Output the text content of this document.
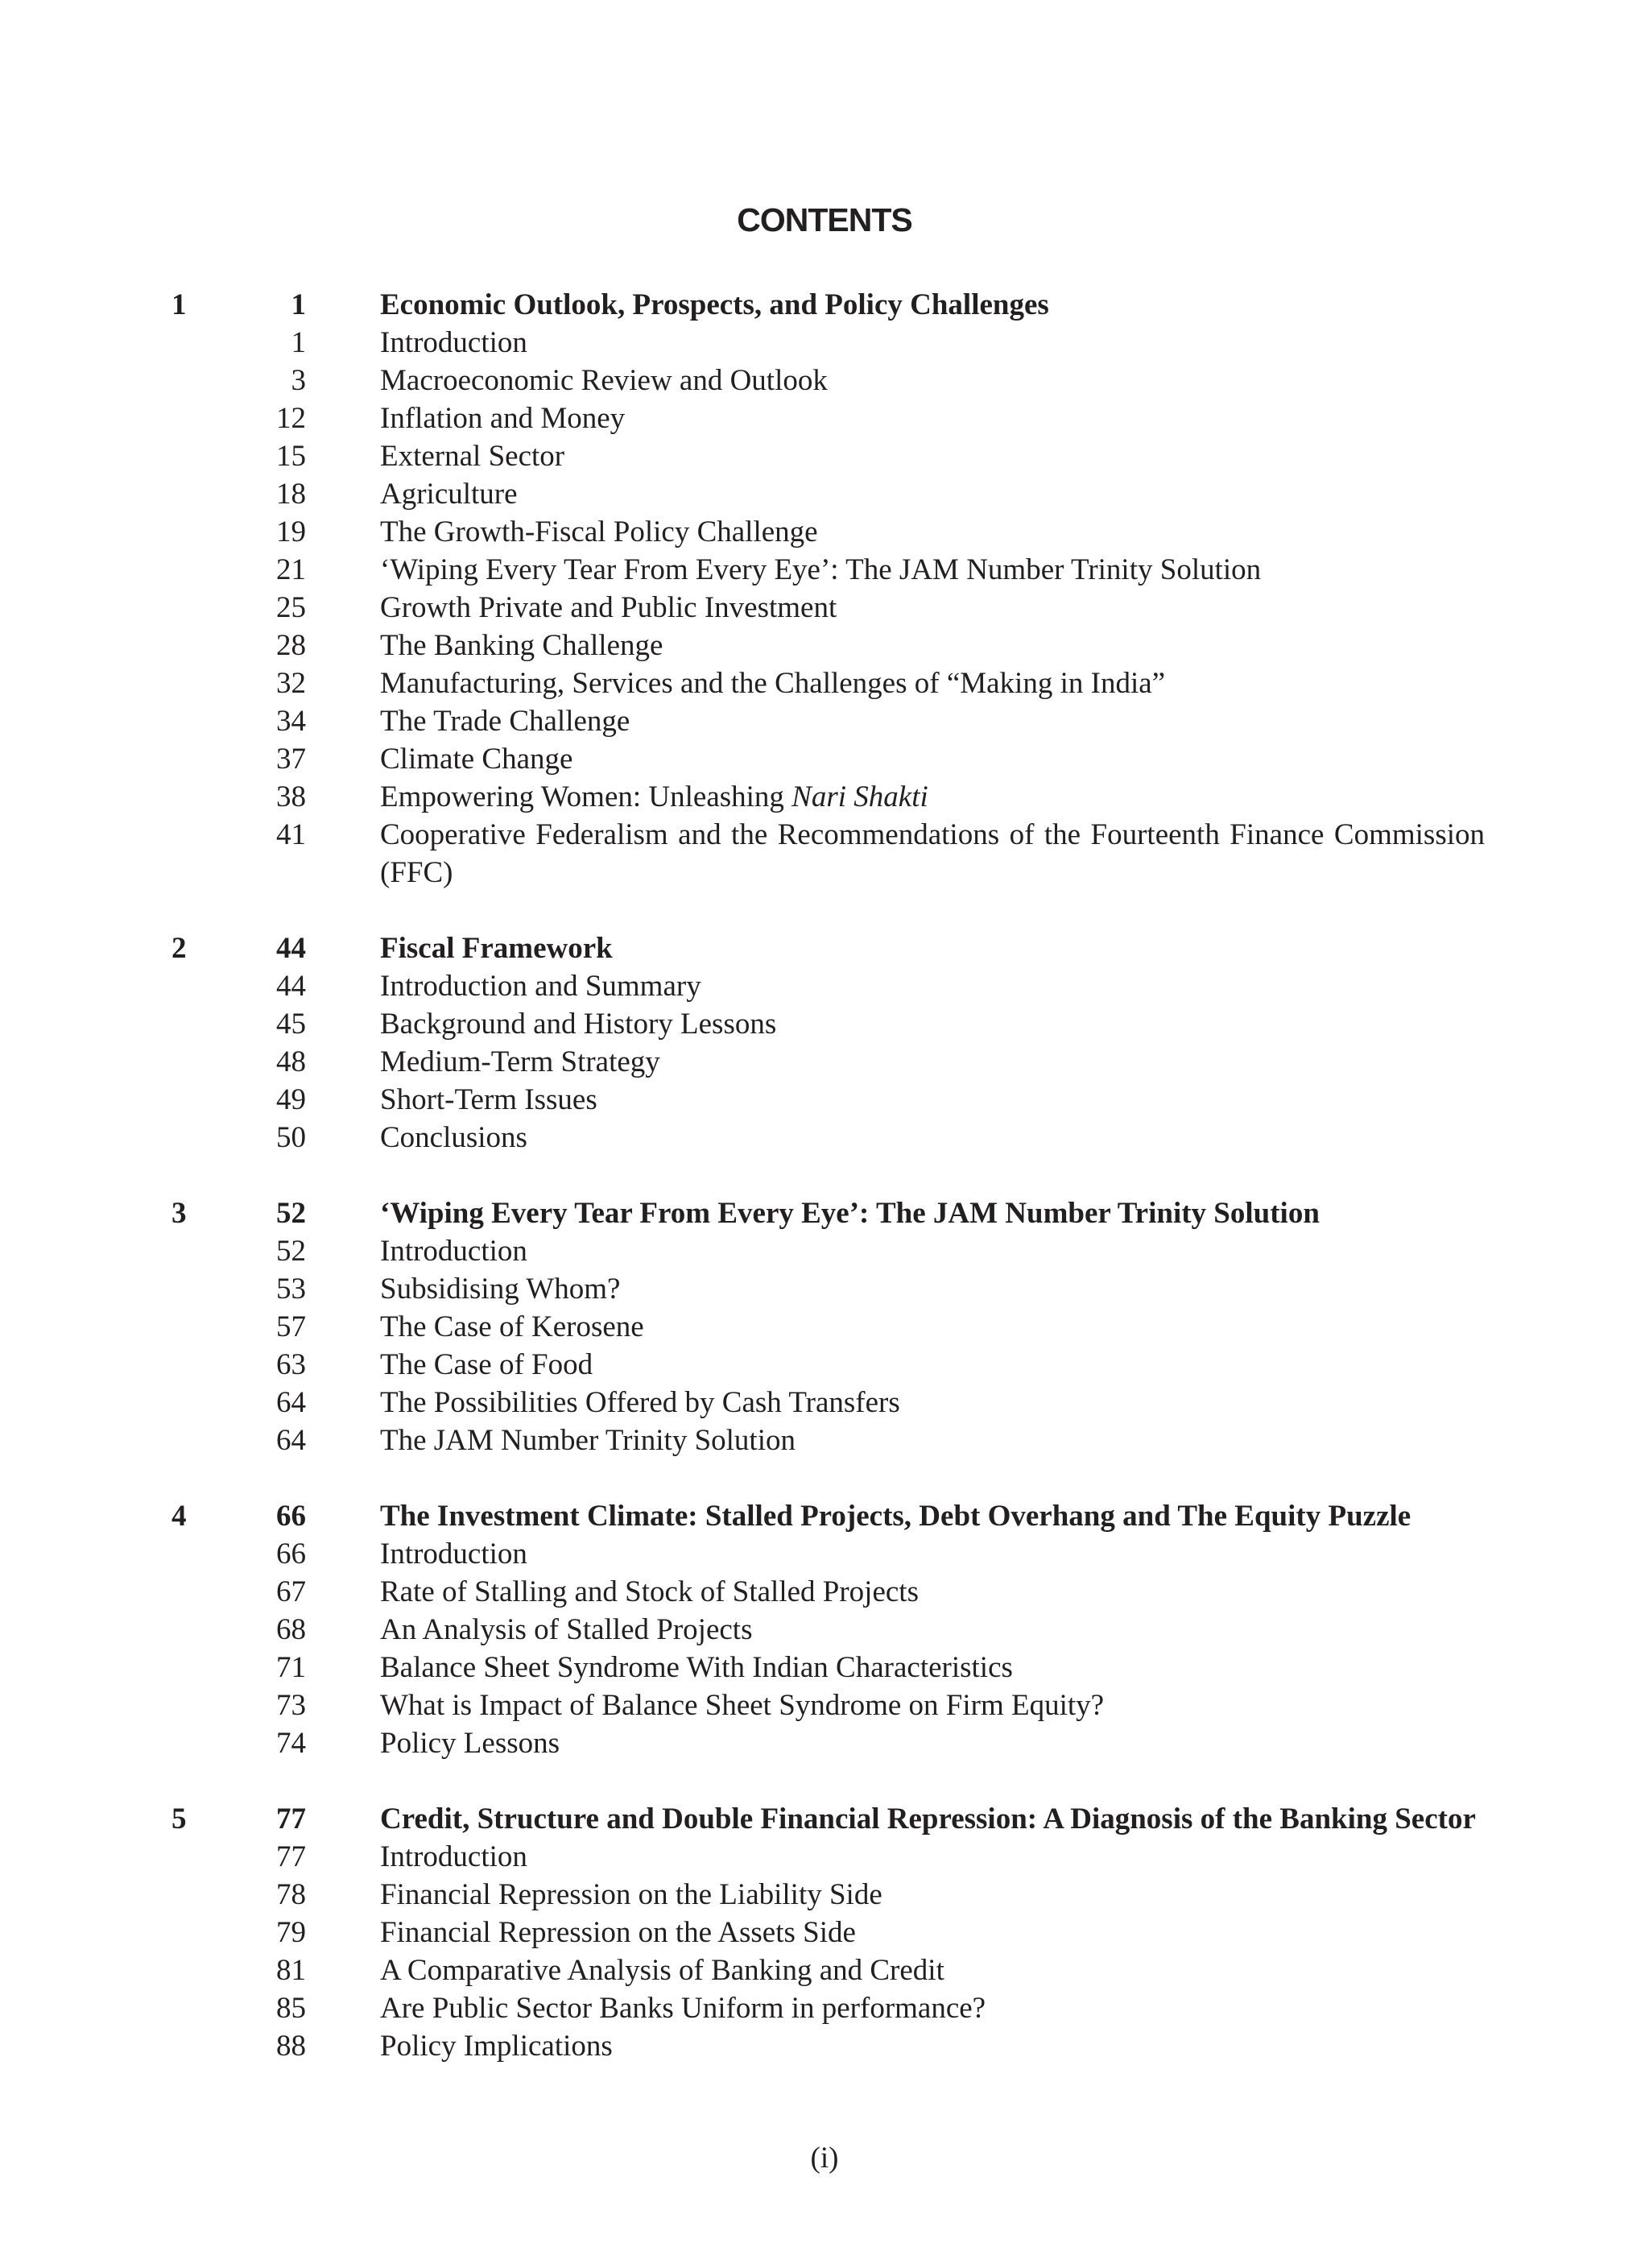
CONTENTS
1	1 Economic Outlook, Prospects, and Policy Challenges
1 Introduction
3 Macroeconomic Review and Outlook
12 Inflation and Money
15 External Sector
18 Agriculture
19 The Growth-Fiscal Policy Challenge
21 ‘Wiping Every Tear From Every Eye’: The JAM Number Trinity Solution
25 Growth Private and Public Investment
28 The Banking Challenge
32 Manufacturing, Services and the Challenges of “Making in India”
34 The Trade Challenge
37 Climate Change
38 Empowering Women: Unleashing Nari Shakti
41 Cooperative Federalism and the Recommendations of the Fourteenth Finance Commission (FFC)
2	44 Fiscal Framework
44 Introduction and Summary
45 Background and History Lessons
48 Medium-Term Strategy
49 Short-Term Issues
50 Conclusions
3	52 ‘Wiping Every Tear From Every Eye’: The JAM Number Trinity Solution
52 Introduction
53 Subsidising Whom?
57 The Case of Kerosene
63 The Case of Food
64 The Possibilities Offered by Cash Transfers
64 The JAM Number Trinity Solution
4	66 The Investment Climate: Stalled Projects, Debt Overhang and The Equity Puzzle
66 Introduction
67 Rate of Stalling and Stock of Stalled Projects
68 An Analysis of Stalled Projects
71 Balance Sheet Syndrome With Indian Characteristics
73 What is Impact of Balance Sheet Syndrome on Firm Equity?
74 Policy Lessons
5	77 Credit, Structure and Double Financial Repression: A Diagnosis of the Banking Sector
77 Introduction
78 Financial Repression on the Liability Side
79 Financial Repression on the Assets Side
81 A Comparative Analysis of Banking and Credit
85 Are Public Sector Banks Uniform in performance?
88 Policy Implications
(i)
